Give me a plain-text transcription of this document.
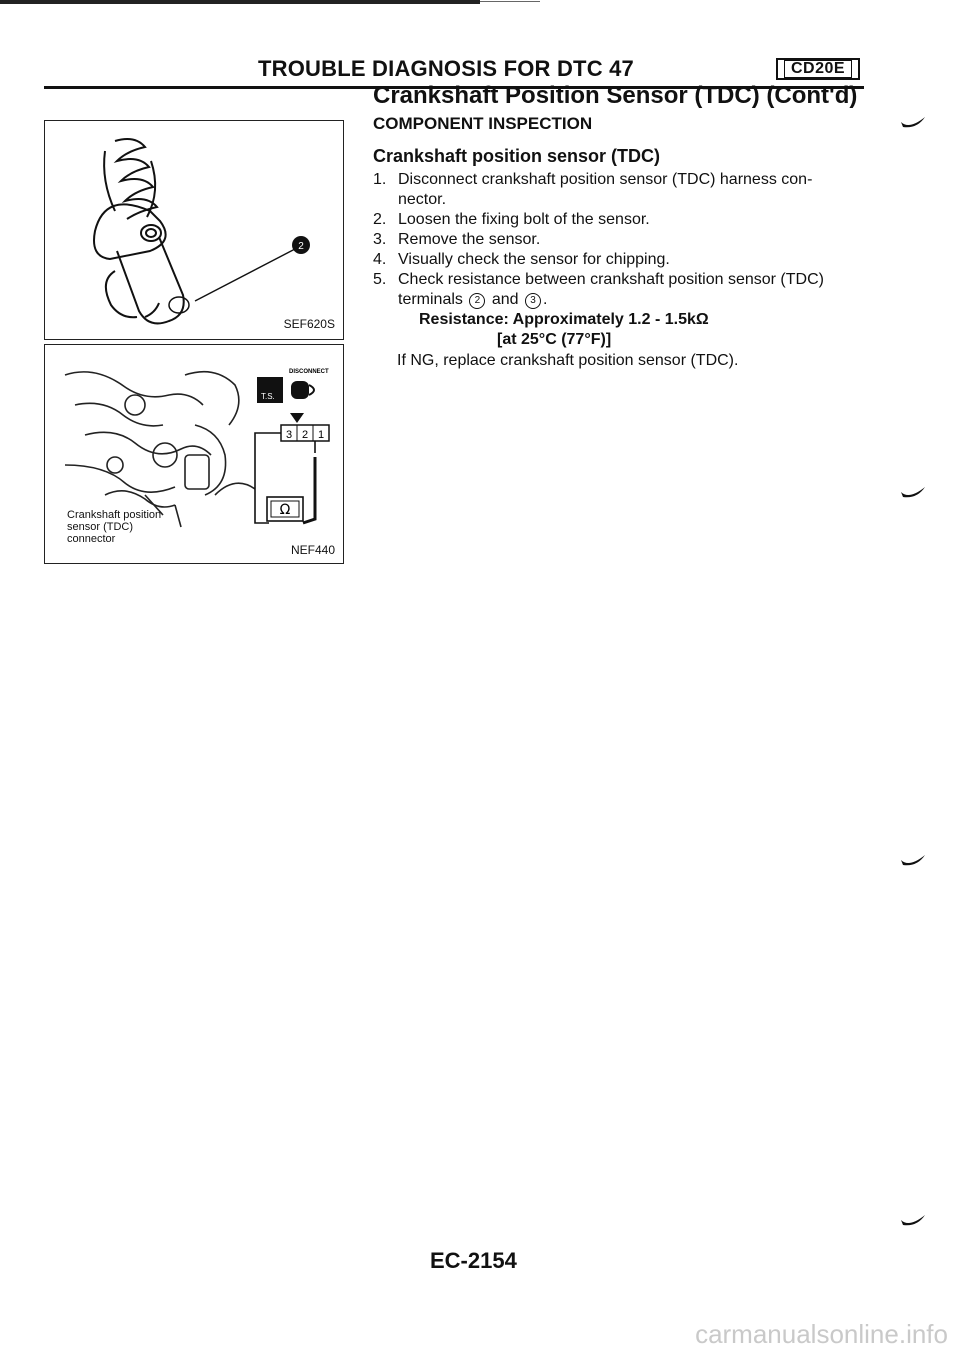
TROUBLE DIAGNOSIS FOR DTC 47	CD20E
Crankshaft Position Sensor (TDC) (Cont'd)
COMPONENT INSPECTION
Crankshaft position sensor (TDC)
1. Disconnect crankshaft position sensor (TDC) harness con-
nector.
2. Loosen the fixing bolt of the sensor.
3. Remove the sensor.
4. Visually check the sensor for chipping.
5. Check resistance between crankshaft position sensor (TDC)
terminals 2 and 3 .
Resistance: Approximately 1.2 - 1.5kΩ
[at 25°C (77°F)]
If NG, replace crankshaft position sensor (TDC).
2
SEF620S
T.S.
DISCONNECT
3 2 1
Ω
Crankshaft position sensor (TDC) connector
NEF440
EC-2154
carmanualsonline.info
